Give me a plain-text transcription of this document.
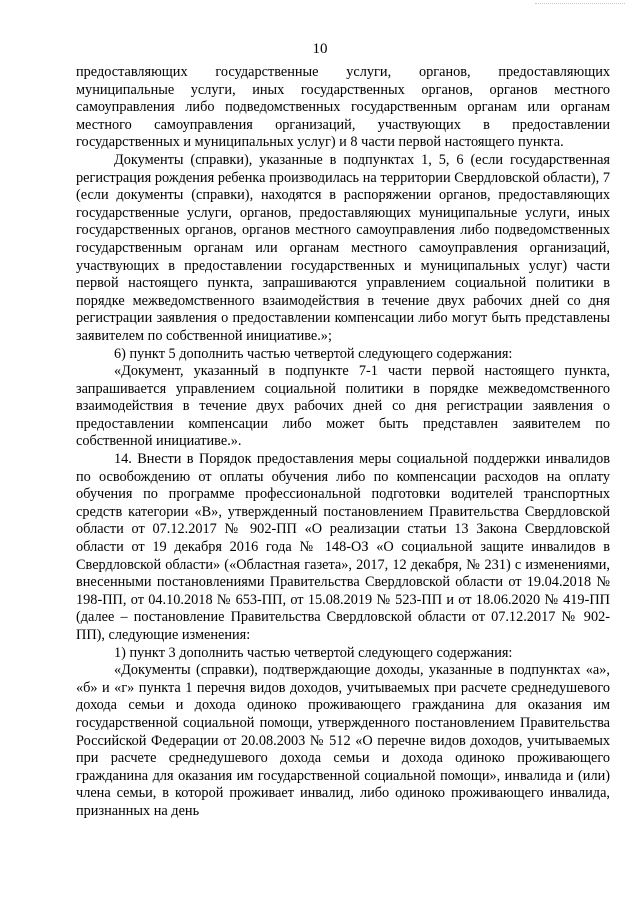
10

предоставляющих государственные услуги, органов, предоставляющих муниципальные услуги, иных государственных органов, органов местного самоуправления либо подведомственных государственным органам или органам местного самоуправления организаций, участвующих в предоставлении государственных и муниципальных услуг) и 8 части первой настоящего пункта.

Документы (справки), указанные в подпунктах 1, 5, 6 (если государственная регистрация рождения ребенка производилась на территории Свердловской области), 7 (если документы (справки), находятся в распоряжении органов, предоставляющих государственные услуги, органов, предоставляющих муниципальные услуги, иных государственных органов, органов местного самоуправления либо подведомственных государственным органам или органам местного самоуправления организаций, участвующих в предоставлении государственных и муниципальных услуг) части первой настоящего пункта, запрашиваются управлением социальной политики в порядке межведомственного взаимодействия в течение двух рабочих дней со дня регистрации заявления о предоставлении компенсации либо могут быть представлены заявителем по собственной инициативе.»;

6) пункт 5 дополнить частью четвертой следующего содержания:

«Документ, указанный в подпункте 7-1 части первой настоящего пункта, запрашивается управлением социальной политики в порядке межведомственного взаимодействия в течение двух рабочих дней со дня регистрации заявления о предоставлении компенсации либо может быть представлен заявителем по собственной инициативе.».

14. Внести в Порядок предоставления меры социальной поддержки инвалидов по освобождению от оплаты обучения либо по компенсации расходов на оплату обучения по программе профессиональной подготовки водителей транспортных средств категории «B», утвержденный постановлением Правительства Свердловской области от 07.12.2017 № 902-ПП «О реализации статьи 13 Закона Свердловской области от 19 декабря 2016 года № 148-ОЗ «О социальной защите инвалидов в Свердловской области» («Областная газета», 2017, 12 декабря, № 231) с изменениями, внесенными постановлениями Правительства Свердловской области от 19.04.2018 № 198-ПП, от 04.10.2018 № 653-ПП, от 15.08.2019 № 523-ПП и от 18.06.2020 № 419-ПП (далее – постановление Правительства Свердловской области от 07.12.2017 № 902-ПП), следующие изменения:

1) пункт 3 дополнить частью четвертой следующего содержания:

«Документы (справки), подтверждающие доходы, указанные в подпунктах «а», «б» и «г» пункта 1 перечня видов доходов, учитываемых при расчете среднедушевого дохода семьи и дохода одиноко проживающего гражданина для оказания им государственной социальной помощи, утвержденного постановлением Правительства Российской Федерации от 20.08.2003 № 512 «О перечне видов доходов, учитываемых при расчете среднедушевого дохода семьи и дохода одиноко проживающего гражданина для оказания им государственной социальной помощи», инвалида и (или) члена семьи, в которой проживает инвалид, либо одиноко проживающего инвалида, признанных на день
